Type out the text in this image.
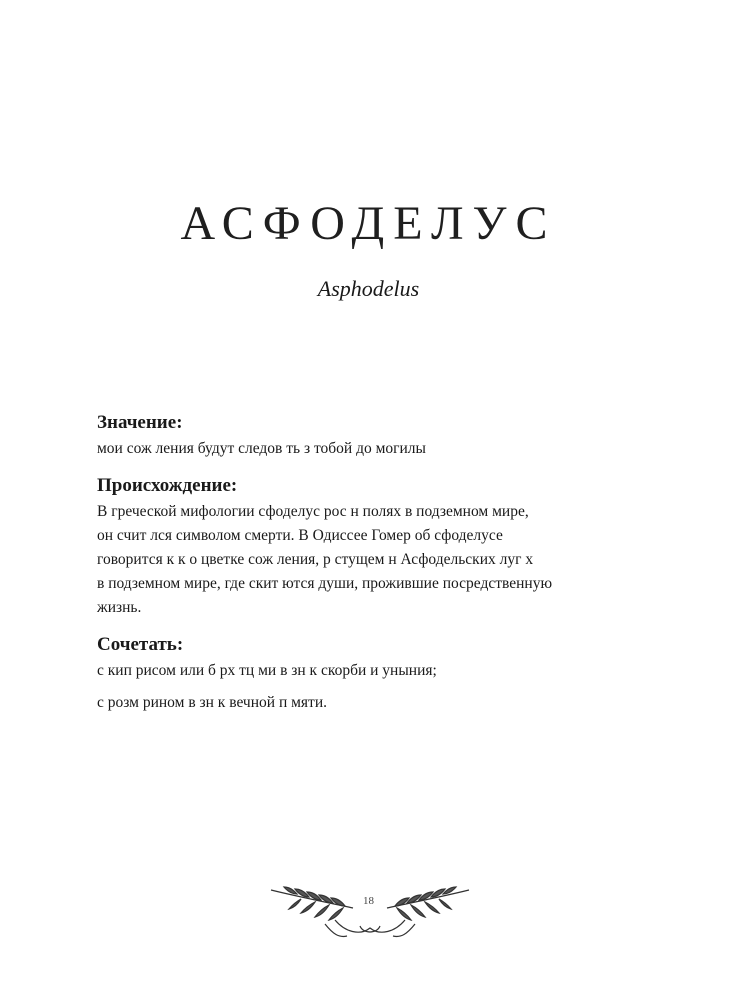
АСФОДЕЛУС

Asphodelus

Значение:

мои сож ления будут следов ть з тобой до могилы

Происхождение:
В греческой мифологии сфоделус рос н полях в подземном мире,
он счит лся символом смерти. В Одиссее Гомер об сфоделусе
говорится к к о цветке сож ления, р стущем н Асфодельских луг х
в подземном мире, где скит ются души, прожившие посредственную
жизнь.
Сочетать:

с кип рисом или б рх тц ми в зн к скорби и уныния;

с розм рином в зн к вечной п мяти.

18
